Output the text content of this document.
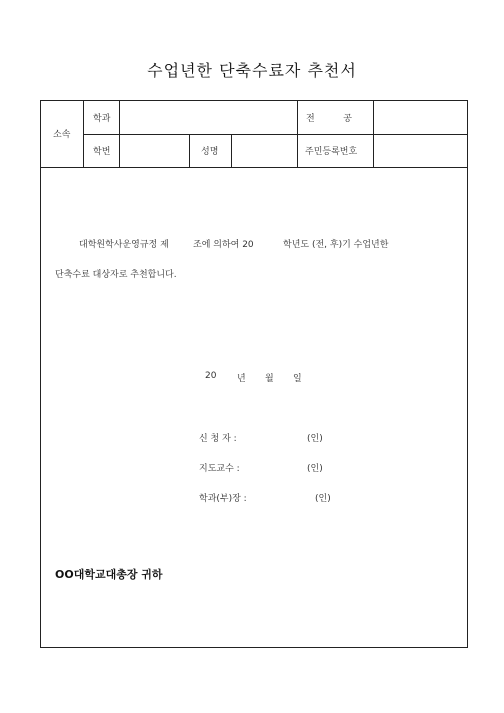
수업년한 단축수료자 추천서
소속
학과	전          공
학번	성명	주민등록번호
대학원학사운영규정 제	조에 의하여 20	학년도 (전, 후)기 수업년한
단축수료 대상자로 추천합니다.
20 년 월 일
신 청 자 :	(인)
지도교수 :	(인)
학과(부)장 :	(인)
OO대학교대총장 귀하
